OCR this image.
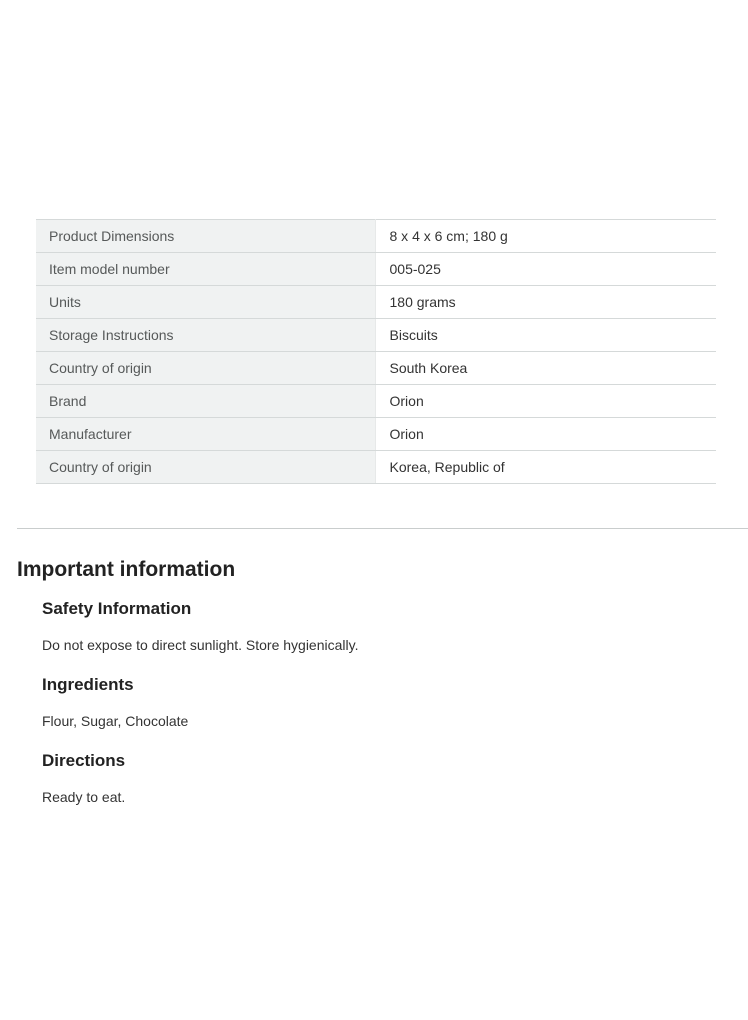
Product Dimensions	8 x 4 x 6 cm; 180 g
Item model number	005-025
Units	180 grams
Storage Instructions	Biscuits
Country of origin	South Korea
Brand	Orion
Manufacturer	Orion
Country of origin	Korea, Republic of
Important information
Safety Information

Do not expose to direct sunlight. Store hygienically.

Ingredients

Flour, Sugar, Chocolate

Directions

Ready to eat.
